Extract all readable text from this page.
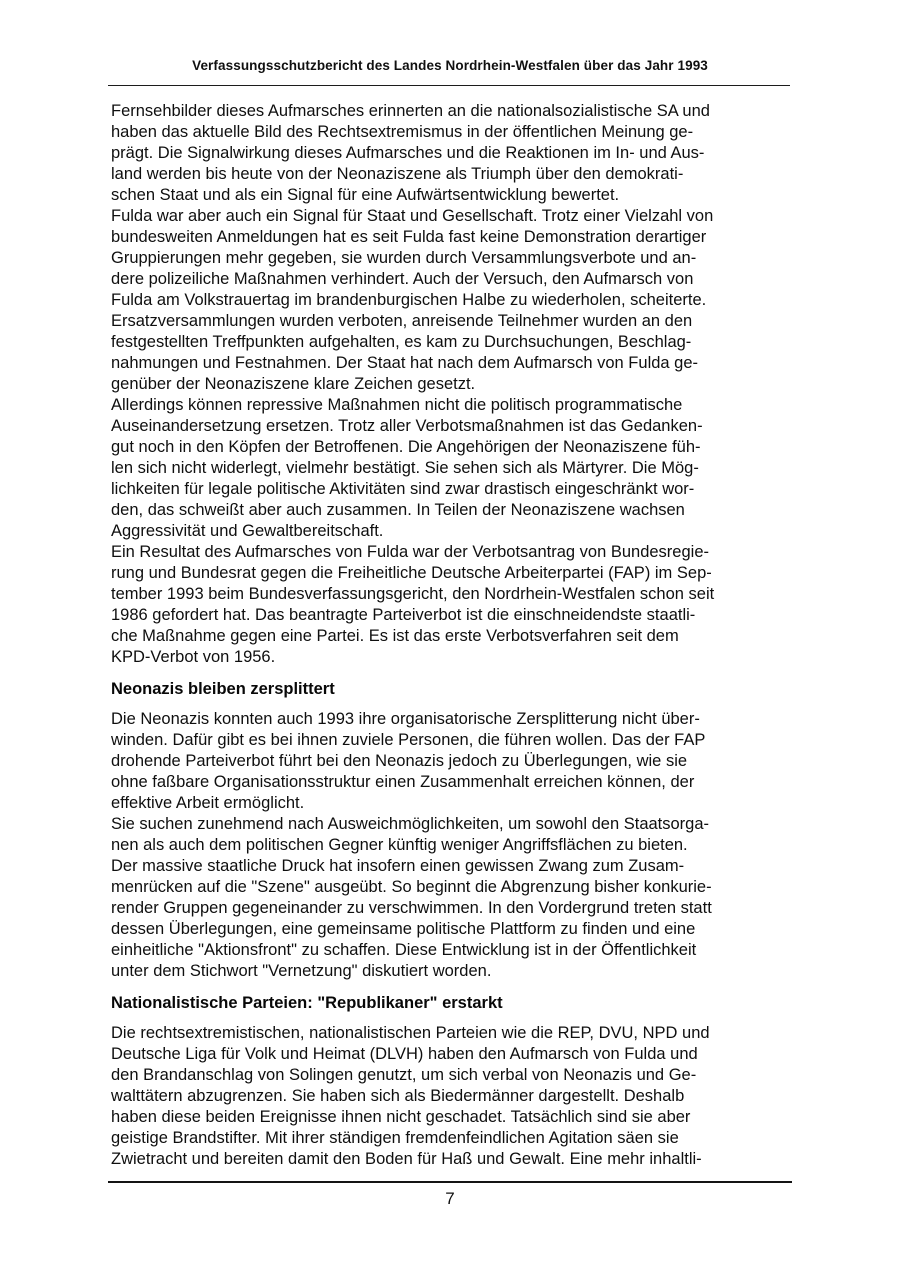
Verfassungsschutzbericht des Landes Nordrhein-Westfalen über das Jahr 1993

Fernsehbilder dieses Aufmarsches erinnerten an die nationalsozialistische SA und
haben das aktuelle Bild des Rechtsextremismus in der öffentlichen Meinung ge-
prägt. Die Signalwirkung dieses Aufmarsches und die Reaktionen im In- und Aus-
land werden bis heute von der Neonaziszene als Triumph über den demokrati-
schen Staat und als ein Signal für eine Aufwärtsentwicklung bewertet.
Fulda war aber auch ein Signal für Staat und Gesellschaft. Trotz einer Vielzahl von
bundesweiten Anmeldungen hat es seit Fulda fast keine Demonstration derartiger
Gruppierungen mehr gegeben, sie wurden durch Versammlungsverbote und an-
dere polizeiliche Maßnahmen verhindert. Auch der Versuch, den Aufmarsch von
Fulda am Volkstrauertag im brandenburgischen Halbe zu wiederholen, scheiterte.
Ersatzversammlungen wurden verboten, anreisende Teilnehmer wurden an den
festgestellten Treffpunkten aufgehalten, es kam zu Durchsuchungen, Beschlag-
nahmungen und Festnahmen. Der Staat hat nach dem Aufmarsch von Fulda ge-
genüber der Neonaziszene klare Zeichen gesetzt.
Allerdings können repressive Maßnahmen nicht die politisch programmatische
Auseinandersetzung ersetzen. Trotz aller Verbotsmaßnahmen ist das Gedanken-
gut noch in den Köpfen der Betroffenen. Die Angehörigen der Neonaziszene füh-
len sich nicht widerlegt, vielmehr bestätigt. Sie sehen sich als Märtyrer. Die Mög-
lichkeiten für legale politische Aktivitäten sind zwar drastisch eingeschränkt wor-
den, das schweißt aber auch zusammen. In Teilen der Neonaziszene wachsen
Aggressivität und Gewaltbereitschaft.
Ein Resultat des Aufmarsches von Fulda war der Verbotsantrag von Bundesregie-
rung und Bundesrat gegen die Freiheitliche Deutsche Arbeiterpartei (FAP) im Sep-
tember 1993 beim Bundesverfassungsgericht, den Nordrhein-Westfalen schon seit
1986 gefordert hat. Das beantragte Parteiverbot ist die einschneidendste staatli-
che Maßnahme gegen eine Partei. Es ist das erste Verbotsverfahren seit dem
KPD-Verbot von 1956.

Neonazis bleiben zersplittert

Die Neonazis konnten auch 1993 ihre organisatorische Zersplitterung nicht über-
winden. Dafür gibt es bei ihnen zuviele Personen, die führen wollen. Das der FAP
drohende Parteiverbot führt bei den Neonazis jedoch zu Überlegungen, wie sie
ohne faßbare Organisationsstruktur einen Zusammenhalt erreichen können, der
effektive Arbeit ermöglicht.
Sie suchen zunehmend nach Ausweichmöglichkeiten, um sowohl den Staatsorga-
nen als auch dem politischen Gegner künftig weniger Angriffsflächen zu bieten.
Der massive staatliche Druck hat insofern einen gewissen Zwang zum Zusam-
menrücken auf die "Szene" ausgeübt. So beginnt die Abgrenzung bisher konkurie-
render Gruppen gegeneinander zu verschwimmen. In den Vordergrund treten statt
dessen Überlegungen, eine gemeinsame politische Plattform zu finden und eine
einheitliche "Aktionsfront" zu schaffen. Diese Entwicklung ist in der Öffentlichkeit
unter dem Stichwort "Vernetzung" diskutiert worden.

Nationalistische Parteien: "Republikaner" erstarkt

Die rechtsextremistischen, nationalistischen Parteien wie die REP, DVU, NPD und
Deutsche Liga für Volk und Heimat (DLVH) haben den Aufmarsch von Fulda und
den Brandanschlag von Solingen genutzt, um sich verbal von Neonazis und Ge-
walttätern abzugrenzen. Sie haben sich als Biedermänner dargestellt. Deshalb
haben diese beiden Ereignisse ihnen nicht geschadet. Tatsächlich sind sie aber
geistige Brandstifter. Mit ihrer ständigen fremdenfeindlichen Agitation säen sie
Zwietracht und bereiten damit den Boden für Haß und Gewalt. Eine mehr inhaltli-

7
